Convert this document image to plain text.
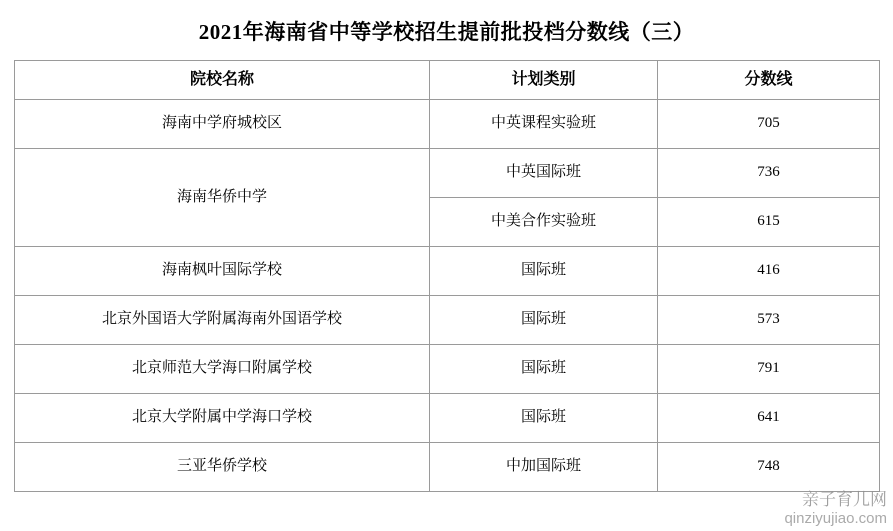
2021年海南省中等学校招生提前批投档分数线（三）
院校名称	计划类别	分数线
海南中学府城校区	中英课程实验班	705
海南华侨中学	中英国际班	736
	中美合作实验班	615
海南枫叶国际学校	国际班	416
北京外国语大学附属海南外国语学校	国际班	573
北京师范大学海口附属学校	国际班	791
北京大学附属中学海口学校	国际班	641
三亚华侨学校	中加国际班	748
亲子育儿网
qinziyujiao.com
